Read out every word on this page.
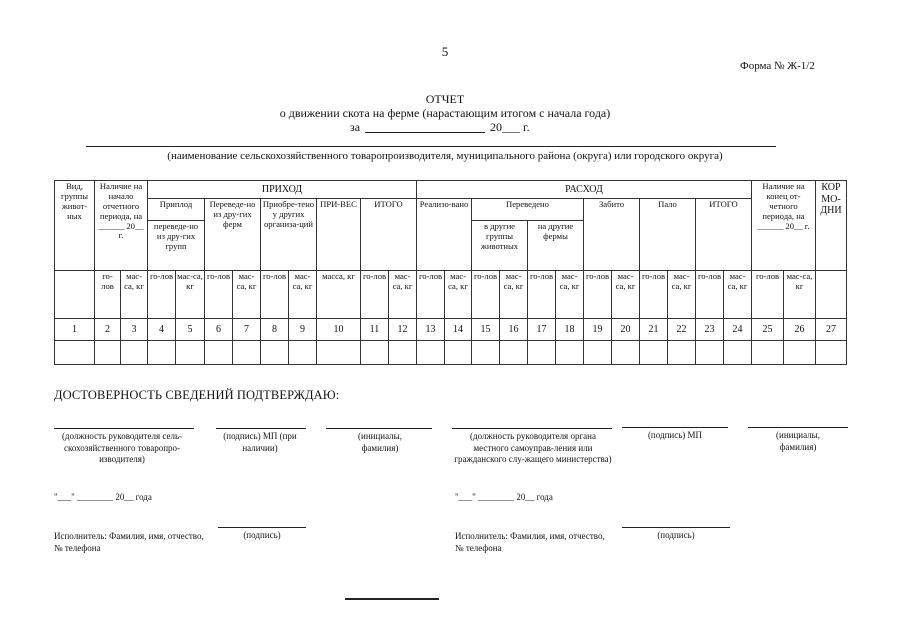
5
Форма № Ж-1/2
ОТЧЕТ
о движении скота на ферме (нарастающим итогом с начала года)
за	20___ г.
(наименование сельскохозяйственного товаропроизводителя, муниципального района (округа) или городского округа)
Вид, группы живот-ных	Наличие на начало отчетного периода, на ______ 20__ г.		ПРИХОД									РАСХОД												Наличие на конец от-четного периода, на ______ 20__ г.		КОР МО-ДНИ
			Приплод		Переведе-но из дру-гих ферм		Приобре-тено у других организа-ций		ПРИ-ВЕС	ИТОГО		Реализо-вано		Переведено				Забито		Пало		ИТОГО				
			переведе-но из дру-гих групп											в другие группы животных		на другие фермы										
	го-лов	мас-са, кг	го-лов	мас-са, кг	го-лов	мас-са, кг	го-лов	мас-са, кг	масса, кг	го-лов	мас-са, кг	го-лов	мас-са, кг	го-лов	мас-са, кг	го-лов	мас-са, кг	го-лов	мас-са, кг	го-лов	мас-са, кг	го-лов	мас-са, кг	го-лов	мас-са, кг	
1	2	3	4	5	6	7	8	9	10	11	12	13	14	15	16	17	18	19	20	21	22	23	24	25	26	27

ДОСТОВЕРНОСТЬ СВЕДЕНИЙ ПОДТВЕРЖДАЮ:
(должность руководителя сель-скохозяйственного товаропро-изводителя)
(подпись) МП (при наличии)
(инициалы, фамилия)
"___" ________ 20__ года
Исполнитель: Фамилия, имя, отчество, № телефона
(подпись)
(должность руководителя органа местного самоуправ-ления или гражданского слу-жащего министерства)
(подпись) МП	(инициалы, фамилия)
"___" ________ 20__ года
Исполнитель: Фамилия, имя, отчество, № телефона
(подпись)
